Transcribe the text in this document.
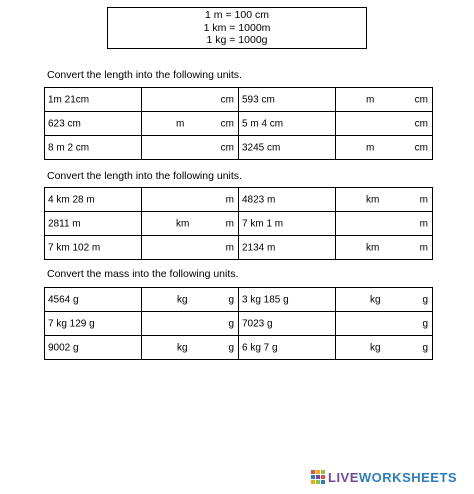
1 m = 100 cm
1 km = 1000m
1 kg = 1000g
Convert the length into the following units.
1m 21cm	cm	593 cm	m cm

623 cm	m cm	5 m 4 cm	cm

8 m 2 cm	cm	3245 cm	m cm
Convert the length into the following units.
4 km 28 m	m	4823 m	km m

2811 m	km m	7 km 1 m	m

7 km 102 m	m	2134 m	km m
Convert the mass into the following units.
4564 g	kg g	3 kg 185 g	kg g

7 kg 129 g	g	7023 g	g

9002 g	kg g	6 kg 7 g	kg g
LIVEWORKSHEETS
